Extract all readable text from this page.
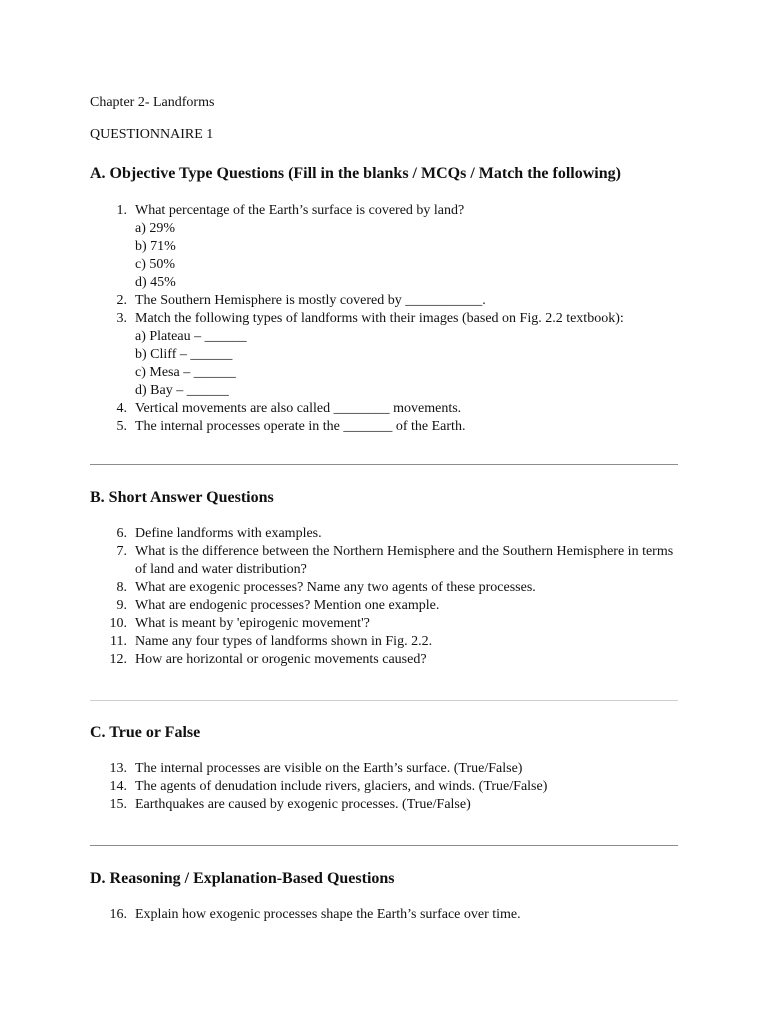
Chapter 2- Landforms
QUESTIONNAIRE 1
A. Objective Type Questions (Fill in the blanks / MCQs / Match the following)
1. What percentage of the Earth’s surface is covered by land?
a) 29%
b) 71%
c) 50%
d) 45%
2. The Southern Hemisphere is mostly covered by ___________.
3. Match the following types of landforms with their images (based on Fig. 2.2 textbook):
a) Plateau – ______
b) Cliff – ______
c) Mesa – ______
d) Bay – ______
4. Vertical movements are also called ________ movements.
5. The internal processes operate in the _______ of the Earth.
B. Short Answer Questions
6. Define landforms with examples.
7. What is the difference between the Northern Hemisphere and the Southern Hemisphere in terms of land and water distribution?
8. What are exogenic processes? Name any two agents of these processes.
9. What are endogenic processes? Mention one example.
10. What is meant by 'epirogenic movement'?
11. Name any four types of landforms shown in Fig. 2.2.
12. How are horizontal or orogenic movements caused?
C. True or False
13. The internal processes are visible on the Earth’s surface. (True/False)
14. The agents of denudation include rivers, glaciers, and winds. (True/False)
15. Earthquakes are caused by exogenic processes. (True/False)
D. Reasoning / Explanation-Based Questions
16. Explain how exogenic processes shape the Earth’s surface over time.
